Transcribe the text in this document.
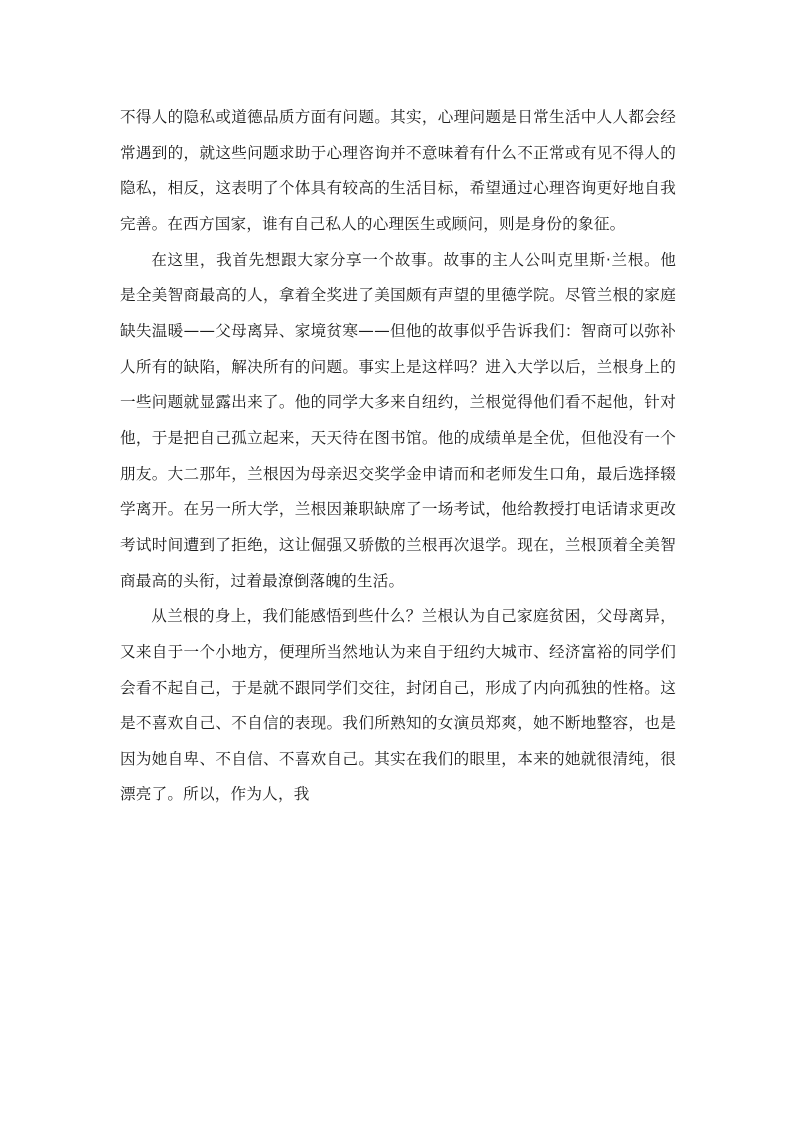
不得人的隐私或道德品质方面有问题。其实，心理问题是日常生活中人人都会经常遇到的，就这些问题求助于心理咨询并不意味着有什么不正常或有见不得人的隐私，相反，这表明了个体具有较高的生活目标，希望通过心理咨询更好地自我完善。在西方国家，谁有自己私人的心理医生或顾问，则是身份的象征。

在这里，我首先想跟大家分享一个故事。故事的主人公叫克里斯·兰根。他是全美智商最高的人，拿着全奖进了美国颇有声望的里德学院。尽管兰根的家庭缺失温暖——父母离异、家境贫寒——但他的故事似乎告诉我们：智商可以弥补人所有的缺陷，解决所有的问题。事实上是这样吗？进入大学以后，兰根身上的一些问题就显露出来了。他的同学大多来自纽约，兰根觉得他们看不起他，针对他，于是把自己孤立起来，天天待在图书馆。他的成绩单是全优，但他没有一个朋友。大二那年，兰根因为母亲迟交奖学金申请而和老师发生口角，最后选择辍学离开。在另一所大学，兰根因兼职缺席了一场考试，他给教授打电话请求更改考试时间遭到了拒绝，这让倔强又骄傲的兰根再次退学。现在，兰根顶着全美智商最高的头衔，过着最潦倒落魄的生活。

从兰根的身上，我们能感悟到些什么？兰根认为自己家庭贫困，父母离异，又来自于一个小地方，便理所当然地认为来自于纽约大城市、经济富裕的同学们会看不起自己，于是就不跟同学们交往，封闭自己，形成了内向孤独的性格。这是不喜欢自己、不自信的表现。我们所熟知的女演员郑爽，她不断地整容，也是因为她自卑、不自信、不喜欢自己。其实在我们的眼里，本来的她就很清纯，很漂亮了。所以，作为人，我
